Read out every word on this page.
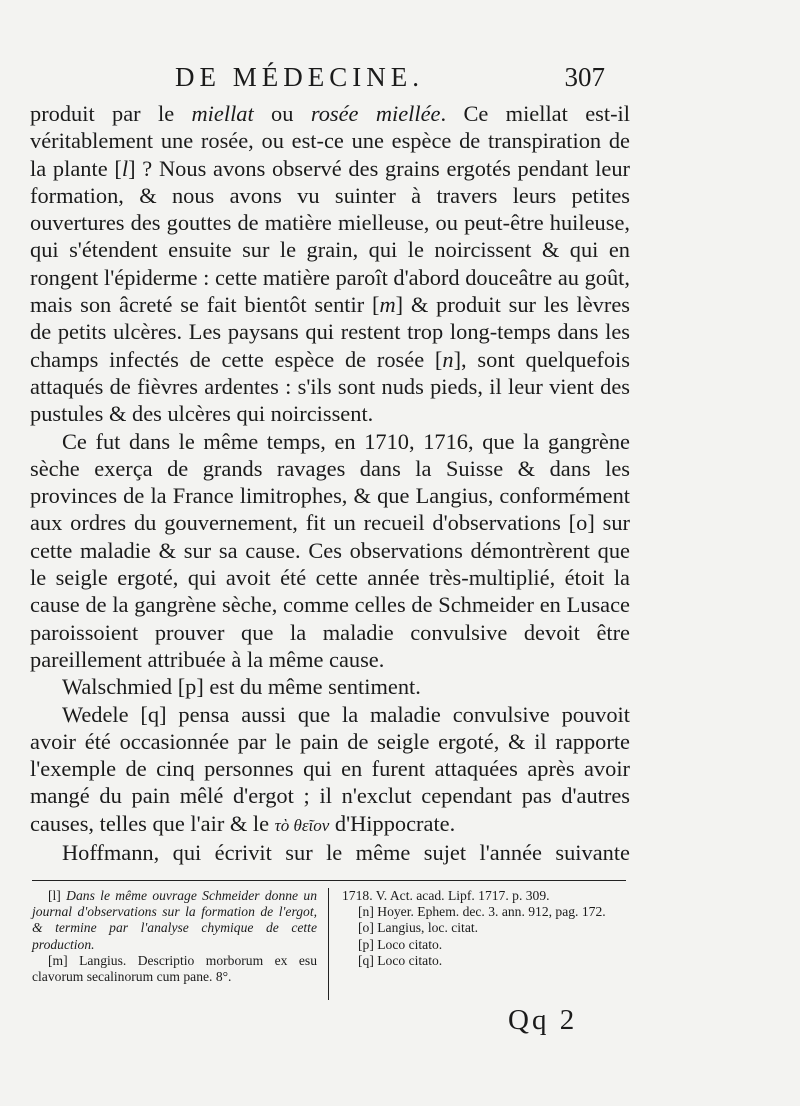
DE MÉDECINE.	307

produit par le miellat ou rosée miellée. Ce miellat est-il véritablement une rosée, ou est-ce une espèce de transpiration de la plante [l] ? Nous avons observé des grains ergotés pendant leur formation, & nous avons vu suinter à travers leurs petites ouvertures des gouttes de matière mielleuse, ou peut-être huileuse, qui s'étendent ensuite sur le grain, qui le noircissent & qui en rongent l'épiderme : cette matière paroît d'abord douceâtre au goût, mais son âcreté se fait bientôt sentir [m] & produit sur les lèvres de petits ulcères. Les paysans qui restent trop long-temps dans les champs infectés de cette espèce de rosée [n], sont quelquefois attaqués de fièvres ardentes : s'ils sont nuds pieds, il leur vient des pustules & des ulcères qui noircissent.

Ce fut dans le même temps, en 1710, 1716, que la gangrène sèche exerça de grands ravages dans la Suisse & dans les provinces de la France limitrophes, & que Langius, conformément aux ordres du gouvernement, fit un recueil d'observations [o] sur cette maladie & sur sa cause. Ces observations démontrèrent que le seigle ergoté, qui avoit été cette année très-multiplié, étoit la cause de la gangrène sèche, comme celles de Schmeider en Lusace paroissoient prouver que la maladie convulsive devoit être pareillement attribuée à la même cause.

Walschmied [p] est du même sentiment.

Wedele [q] pensa aussi que la maladie convulsive pouvoit avoir été occasionnée par le pain de seigle ergoté, & il rapporte l'exemple de cinq personnes qui en furent attaquées après avoir mangé du pain mêlé d'ergot ; il n'exclut cependant pas d'autres causes, telles que l'air & le τὸ θεῖον d'Hippocrate.

Hoffmann, qui écrivit sur le même sujet l'année suivante

[l] Dans le même ouvrage Schmeider donne un journal d'observations sur la formation de l'ergot, & termine par l'analyse chymique de cette production.

[m] Langius. Descriptio morborum ex esu clavorum secalinorum cum pane. 8°.

1718. V. Act. acad. Lipf. 1717. p. 309.

[n] Hoyer. Ephem. dec. 3. ann. 912, pag. 172.

[o] Langius, loc. citat.

[p] Loco citato.

[q] Loco citato.

Qq 2
